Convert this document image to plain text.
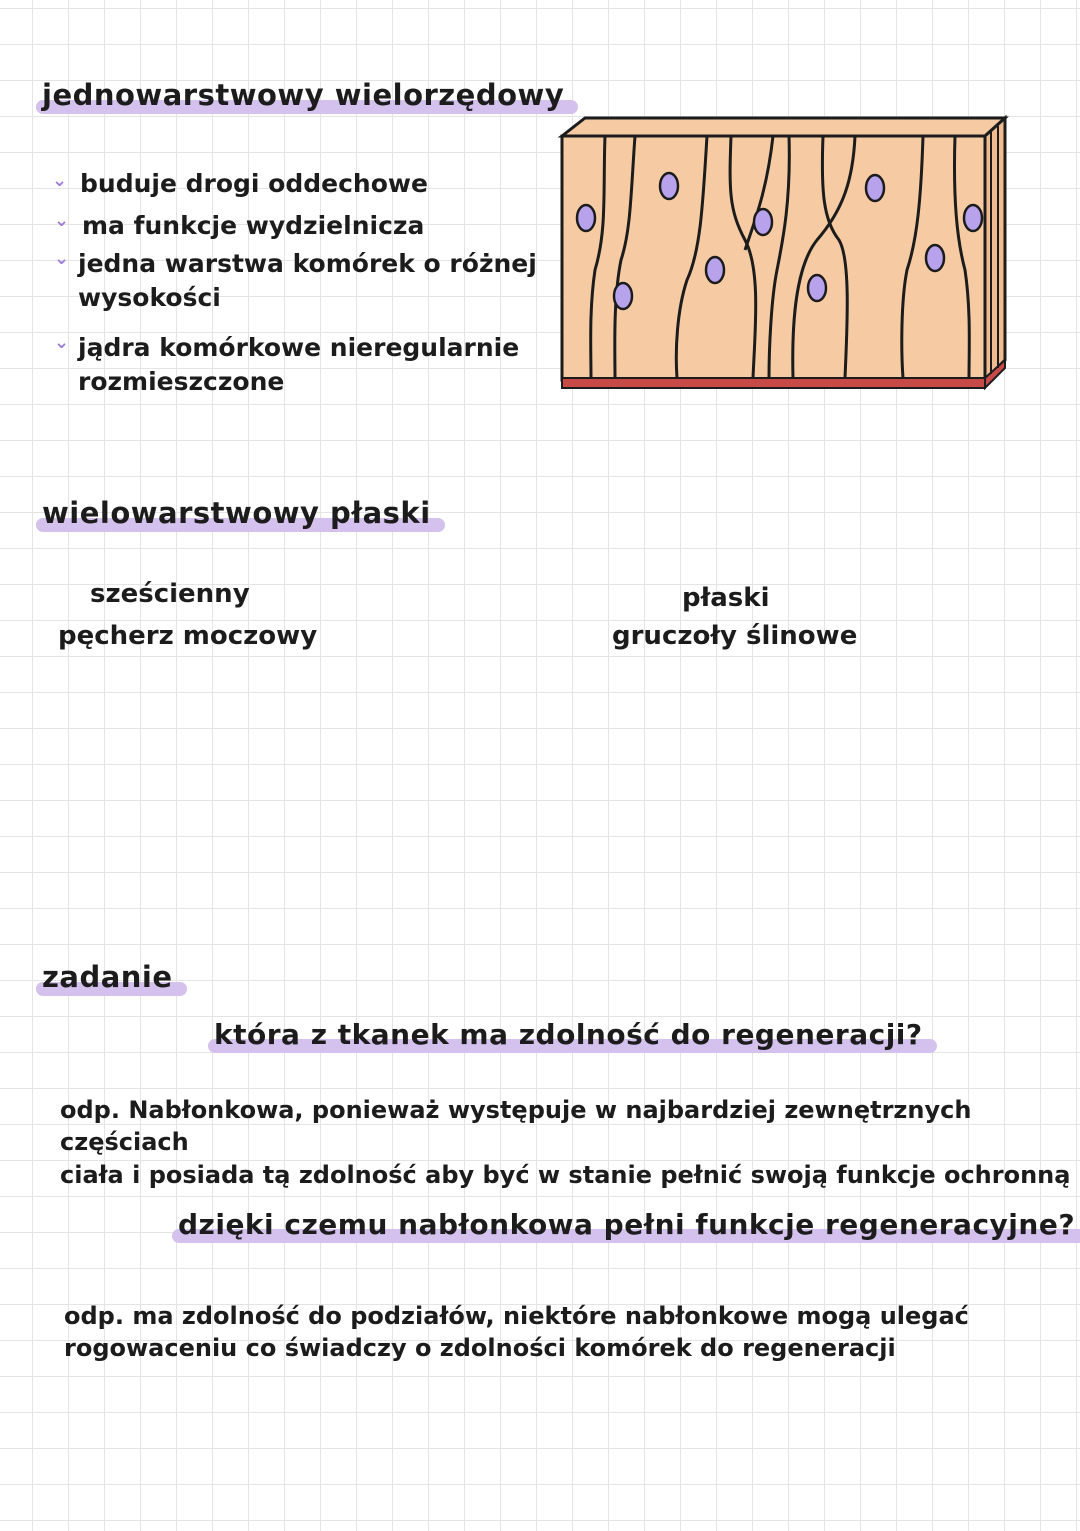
jednowarstwowy wielorzędowy
⌄ buduje drogi oddechowe
⌄ ma funkcje wydzielnicza
⌄ jedna warstwa komórek o różnej
wysokości
⌄ jądra komórkowe nieregularnie
rozmieszczone
wielowarstwowy płaski
sześcienny
pęcherz moczowy
płaski
gruczoły ślinowe
zadanie
która z tkanek ma zdolność do regeneracji?
odp. Nabłonkowa, ponieważ występuje w najbardziej zewnętrznych częściach
ciała i posiada tą zdolność aby być w stanie pełnić swoją funkcje ochronną
dzięki czemu nabłonkowa pełni funkcje regeneracyjne?
odp. ma zdolność do podziałów, niektóre nabłonkowe mogą ulegać
rogowaceniu co świadczy o zdolności komórek do regeneracji
